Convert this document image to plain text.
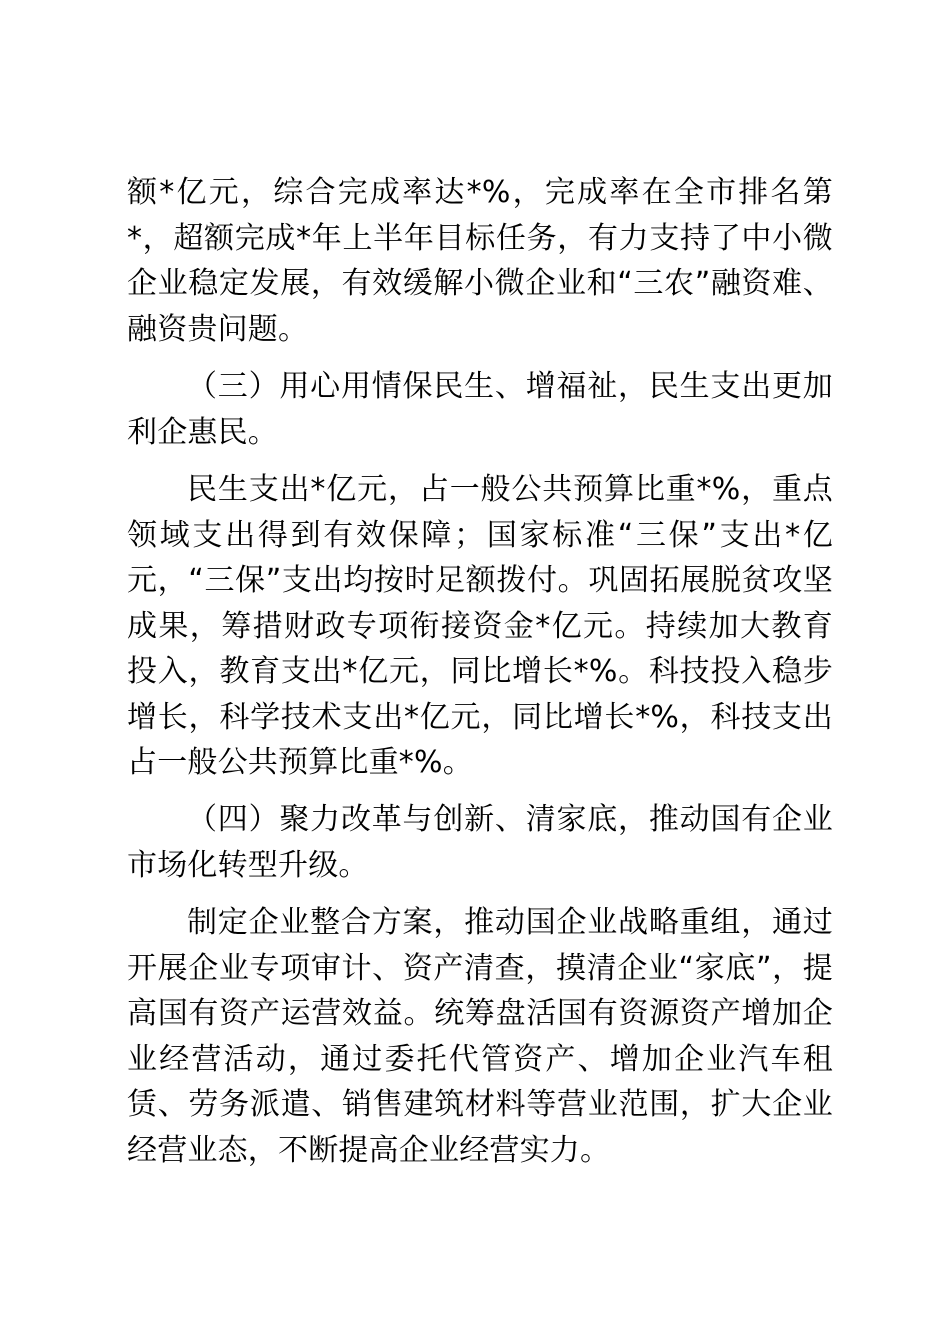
额*亿元，综合完成率达*%，完成率在全市排名第*，超额完成*年上半年目标任务，有力支持了中小微企业稳定发展，有效缓解小微企业和“三农”融资难、融资贵问题。

（三）用心用情保民生、增福祉，民生支出更加利企惠民。

民生支出*亿元，占一般公共预算比重*%，重点领域支出得到有效保障；国家标准“三保”支出*亿元，“三保”支出均按时足额拨付。巩固拓展脱贫攻坚成果，筹措财政专项衔接资金*亿元。持续加大教育投入，教育支出*亿元，同比增长*%。科技投入稳步增长，科学技术支出*亿元，同比增长*%，科技支出占一般公共预算比重*%。

（四）聚力改革与创新、清家底，推动国有企业市场化转型升级。

制定企业整合方案，推动国企业战略重组，通过开展企业专项审计、资产清查，摸清企业“家底”，提高国有资产运营效益。统筹盘活国有资源资产增加企业经营活动，通过委托代管资产、增加企业汽车租赁、劳务派遣、销售建筑材料等营业范围，扩大企业经营业态，不断提高企业经营实力。
